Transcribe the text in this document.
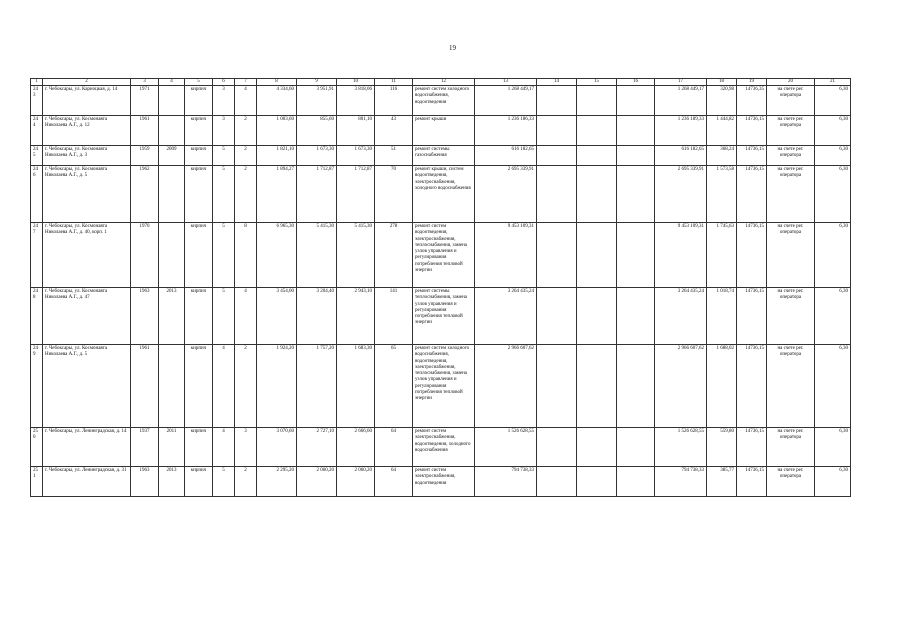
19
1	2	3	4	5	6	7	8	9	10	11	12	13	14	15	16	17	18	19	20	21
243	г. Чебоксары, ул. Кариоцкая, д. 14	1971		кирпич	3	4	4 334,60	3 951,91	3 818,06	116	ремонт систем холодного водоснабжения, водоотведения	1 268 449,17				1 268 449,17	320,98	14736,35	на счете рег. оператора	6,30
244	г. Чебоксары, ул. Космонавта Николаева А.Г., д. 12	1961		кирпич	3	2	1 003,60	855,60	801,10	43	ремонт крыши	1 236 186,33				1 236 189,33	1 444,82	14736,15	на счете рег. оператора	6,30
245	г. Чебоксары, ул. Космонавта Николаева А.Г., д. 3	1959	2009	кирпич	5	2	1 821,10	1 673,30	1 673,30	51	ремонт системы газоснабжения	616 182,65				616 182,65	368,24	14736,15	на счете рег. оператора	6,30
246	г. Чебоксары, ул. Космонавта Николаева А.Г., д. 5	1962		кирпич	5	2	1 894,27	1 712,87	1 712,87	70	ремонт крыши, систем водоотведения, электроснабжения, холодного водоснабжения	2 695 339,91				2 695 339,91	1 573,58	14736,15	на счете рег. оператора	6,30
247	г. Чебоксары, ул. Космонавта Николаева А.Г., д. 40, корп. 1	1970		кирпич	5	8	6 965,30	5 415,30	5 415,30	278	ремонт систем водоотведения, электроснабжения, теплоснабжения, замена узлов управления и регулирования потребления тепловой энергии	9 453 109,31				9 453 109,31	1 745,63	14736,15	на счете рег. оператора	6,30
248	г. Чебоксары, ул. Космонавта Николаева А.Г., д. 47	1963	2013	кирпич	5	4	3 454,00	3 204,40	2 943,10	141	ремонт системы теплоснабжения, замена узлов управления и регулирования потребления тепловой энергии	3 264 435,24				3 264 435,24	1 018,74	14736,15	на счете рег. оператора	6,30
249	г. Чебоксары, ул. Космонавта Николаева А.Г., д. 5	1961		кирпич	4	2	1 924,20	1 757,20	1 683,30	65	ремонт систем холодного водоснабжения, водоотведения, электроснабжения, теплоснабжения, замена узлов управления и регулирования потребления тепловой энергии	2 966 607,62				2 966 607,62	1 688,02	14736,15	на счете рег. оператора	6,30
250	г. Чебоксары, ул. Ленинградская, д. 14	1937	2011	кирпич	4	3	3 070,60	2 727,10	2 666,60	64	ремонт систем электроснабжения, водоотведения, холодного водоснабжения	1 526 628,55				1 526 628,55	559,80	14736,15	на счете рег. оператора	6,30
251	г. Чебоксары, ул. Ленинградская, д. 31	1963	2013	кирпич	5	2	2 295,20	2 060,20	2 060,20	64	ремонт систем электроснабжения, водоотведения	794 738,33				794 738,33	385,77	14736,15	на счете рег. оператора	6,30
